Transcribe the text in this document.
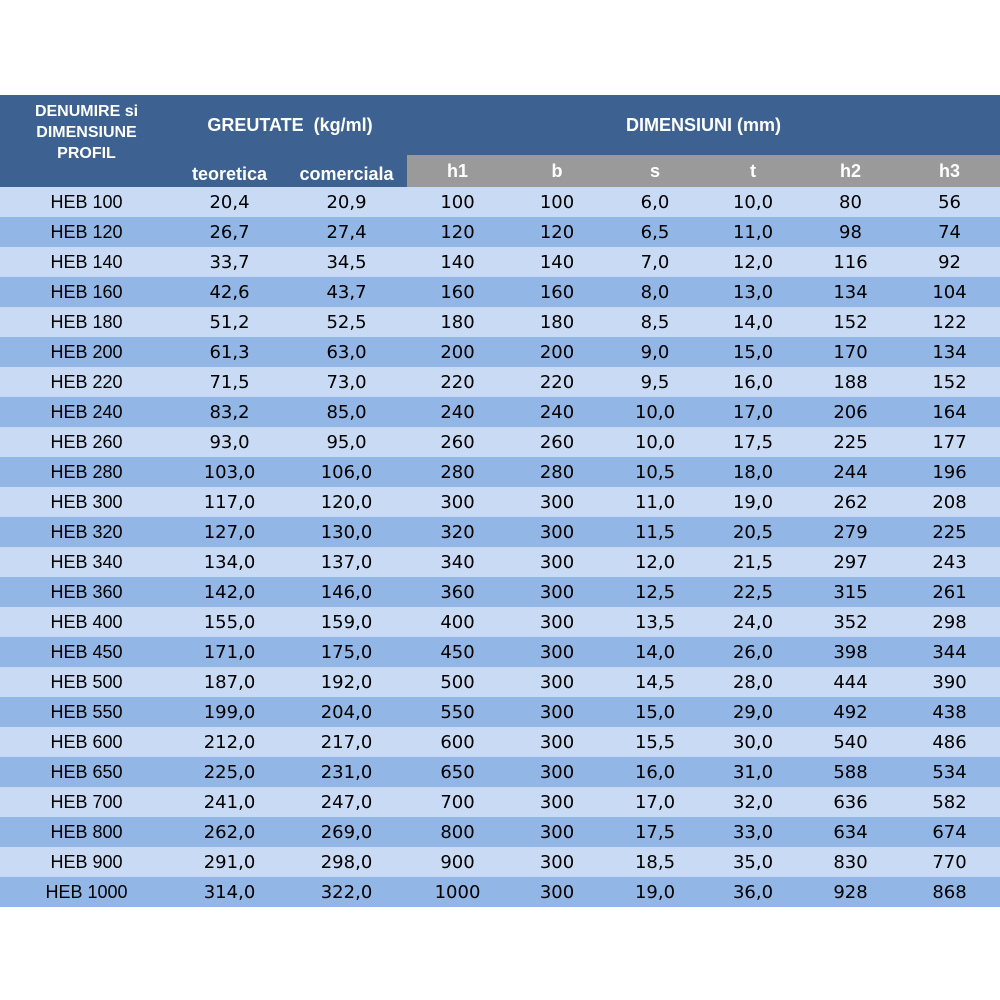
DENUMIRE si
DIMENSIUNE
PROFIL	GREUTATE  (kg/ml)		DIMENSIUNI (mm)					
	teoretica	comerciala	h1	b	s	t	h2	h3
HEB 100	20,4	20,9	100	100	6,0	10,0	80	56
HEB 120	26,7	27,4	120	120	6,5	11,0	98	74
HEB 140	33,7	34,5	140	140	7,0	12,0	116	92
HEB 160	42,6	43,7	160	160	8,0	13,0	134	104
HEB 180	51,2	52,5	180	180	8,5	14,0	152	122
HEB 200	61,3	63,0	200	200	9,0	15,0	170	134
HEB 220	71,5	73,0	220	220	9,5	16,0	188	152
HEB 240	83,2	85,0	240	240	10,0	17,0	206	164
HEB 260	93,0	95,0	260	260	10,0	17,5	225	177
HEB 280	103,0	106,0	280	280	10,5	18,0	244	196
HEB 300	117,0	120,0	300	300	11,0	19,0	262	208
HEB 320	127,0	130,0	320	300	11,5	20,5	279	225
HEB 340	134,0	137,0	340	300	12,0	21,5	297	243
HEB 360	142,0	146,0	360	300	12,5	22,5	315	261
HEB 400	155,0	159,0	400	300	13,5	24,0	352	298
HEB 450	171,0	175,0	450	300	14,0	26,0	398	344
HEB 500	187,0	192,0	500	300	14,5	28,0	444	390
HEB 550	199,0	204,0	550	300	15,0	29,0	492	438
HEB 600	212,0	217,0	600	300	15,5	30,0	540	486
HEB 650	225,0	231,0	650	300	16,0	31,0	588	534
HEB 700	241,0	247,0	700	300	17,0	32,0	636	582
HEB 800	262,0	269,0	800	300	17,5	33,0	634	674
HEB 900	291,0	298,0	900	300	18,5	35,0	830	770
HEB 1000	314,0	322,0	1000	300	19,0	36,0	928	868
